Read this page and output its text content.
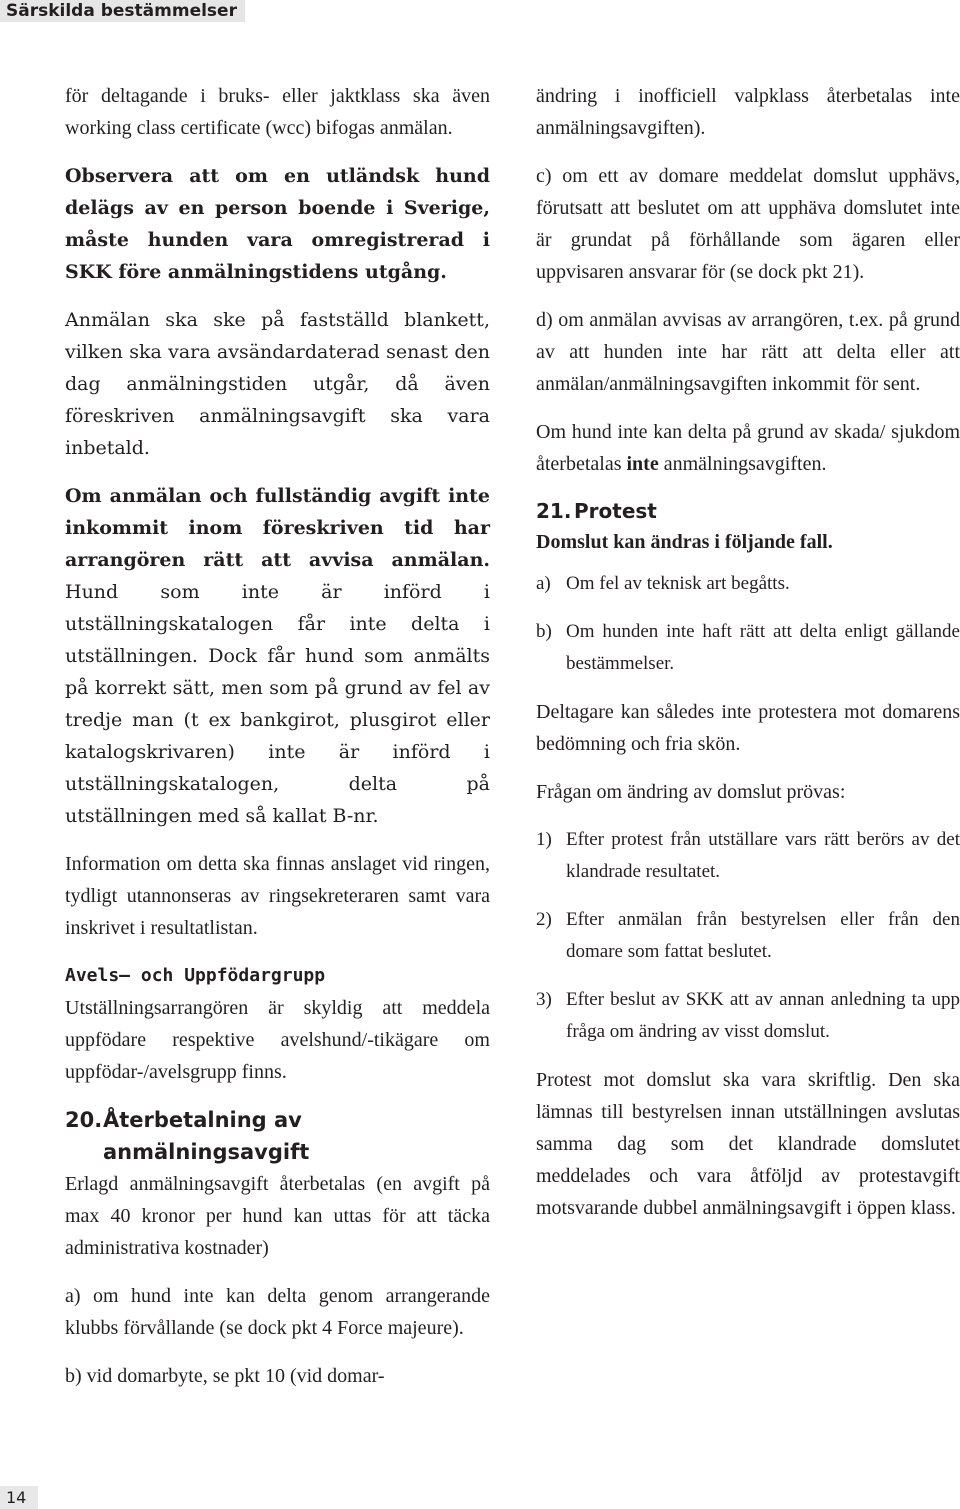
Särskilda bestämmelser

för deltagande i bruks- eller jaktklass ska även working class certificate (wcc) bifogas anmälan.

Observera att om en utländsk hund delägs av en person boende i Sverige, måste hunden vara omregistrerad i SKK före anmälningstidens utgång.

Anmälan ska ske på fastställd blankett, vilken ska vara avsändardaterad senast den dag anmälningstiden utgår, då även föreskriven anmälningsavgift ska vara inbetald.

Om anmälan och fullständig avgift inte inkommit inom föreskriven tid har arrangören rätt att avvisa anmälan. Hund som inte är införd i utställningskatalogen får inte delta i utställningen. Dock får hund som anmälts på korrekt sätt, men som på grund av fel av tredje man (t ex bankgirot, plusgirot eller katalogskrivaren) inte är införd i utställningskatalogen, delta på utställningen med så kallat B-nr.

Information om detta ska finnas anslaget vid ringen, tydligt utannonseras av ringsekreteraren samt vara inskrivet i resultatlistan.

Avels– och Uppfödargrupp

Utställningsarrangören är skyldig att meddela uppfödare respektive avelshund/-tikägare om uppfödar-/avelsgrupp finns.

20. Återbetalning av anmälningsavgift

Erlagd anmälningsavgift återbetalas (en avgift på max 40 kronor per hund kan uttas för att täcka administrativa kostnader)

a) om hund inte kan delta genom arrangerande klubbs förvållande (se dock pkt 4 Force majeure).

b) vid domarbyte, se pkt 10 (vid domar-

ändring i inofficiell valpklass återbetalas inte anmälningsavgiften).

c) om ett av domare meddelat domslut upphävs, förutsatt att beslutet om att upphäva domslutet inte är grundat på förhållande som ägaren eller uppvisaren ansvarar för (se dock pkt 21).

d) om anmälan avvisas av arrangören, t.ex. på grund av att hunden inte har rätt att delta eller att anmälan/anmälningsavgiften inkommit för sent.

Om hund inte kan delta på grund av skada/ sjukdom återbetalas inte anmälningsavgiften.

21. Protest

Domslut kan ändras i följande fall.

a) Om fel av teknisk art begåtts.
b) Om hunden inte haft rätt att delta enligt gällande bestämmelser.

Deltagare kan således inte protestera mot domarens bedömning och fria skön.

Frågan om ändring av domslut prövas:

1) Efter protest från utställare vars rätt berörs av det klandrade resultatet.
2) Efter anmälan från bestyrelsen eller från den domare som fattat beslutet.
3) Efter beslut av SKK att av annan anledning ta upp fråga om ändring av visst domslut.

Protest mot domslut ska vara skriftlig. Den ska lämnas till bestyrelsen innan utställningen avslutas samma dag som det klandrade domslutet meddelades och vara åtföljd av protestavgift motsvarande dubbel anmälningsavgift i öppen klass.

14
